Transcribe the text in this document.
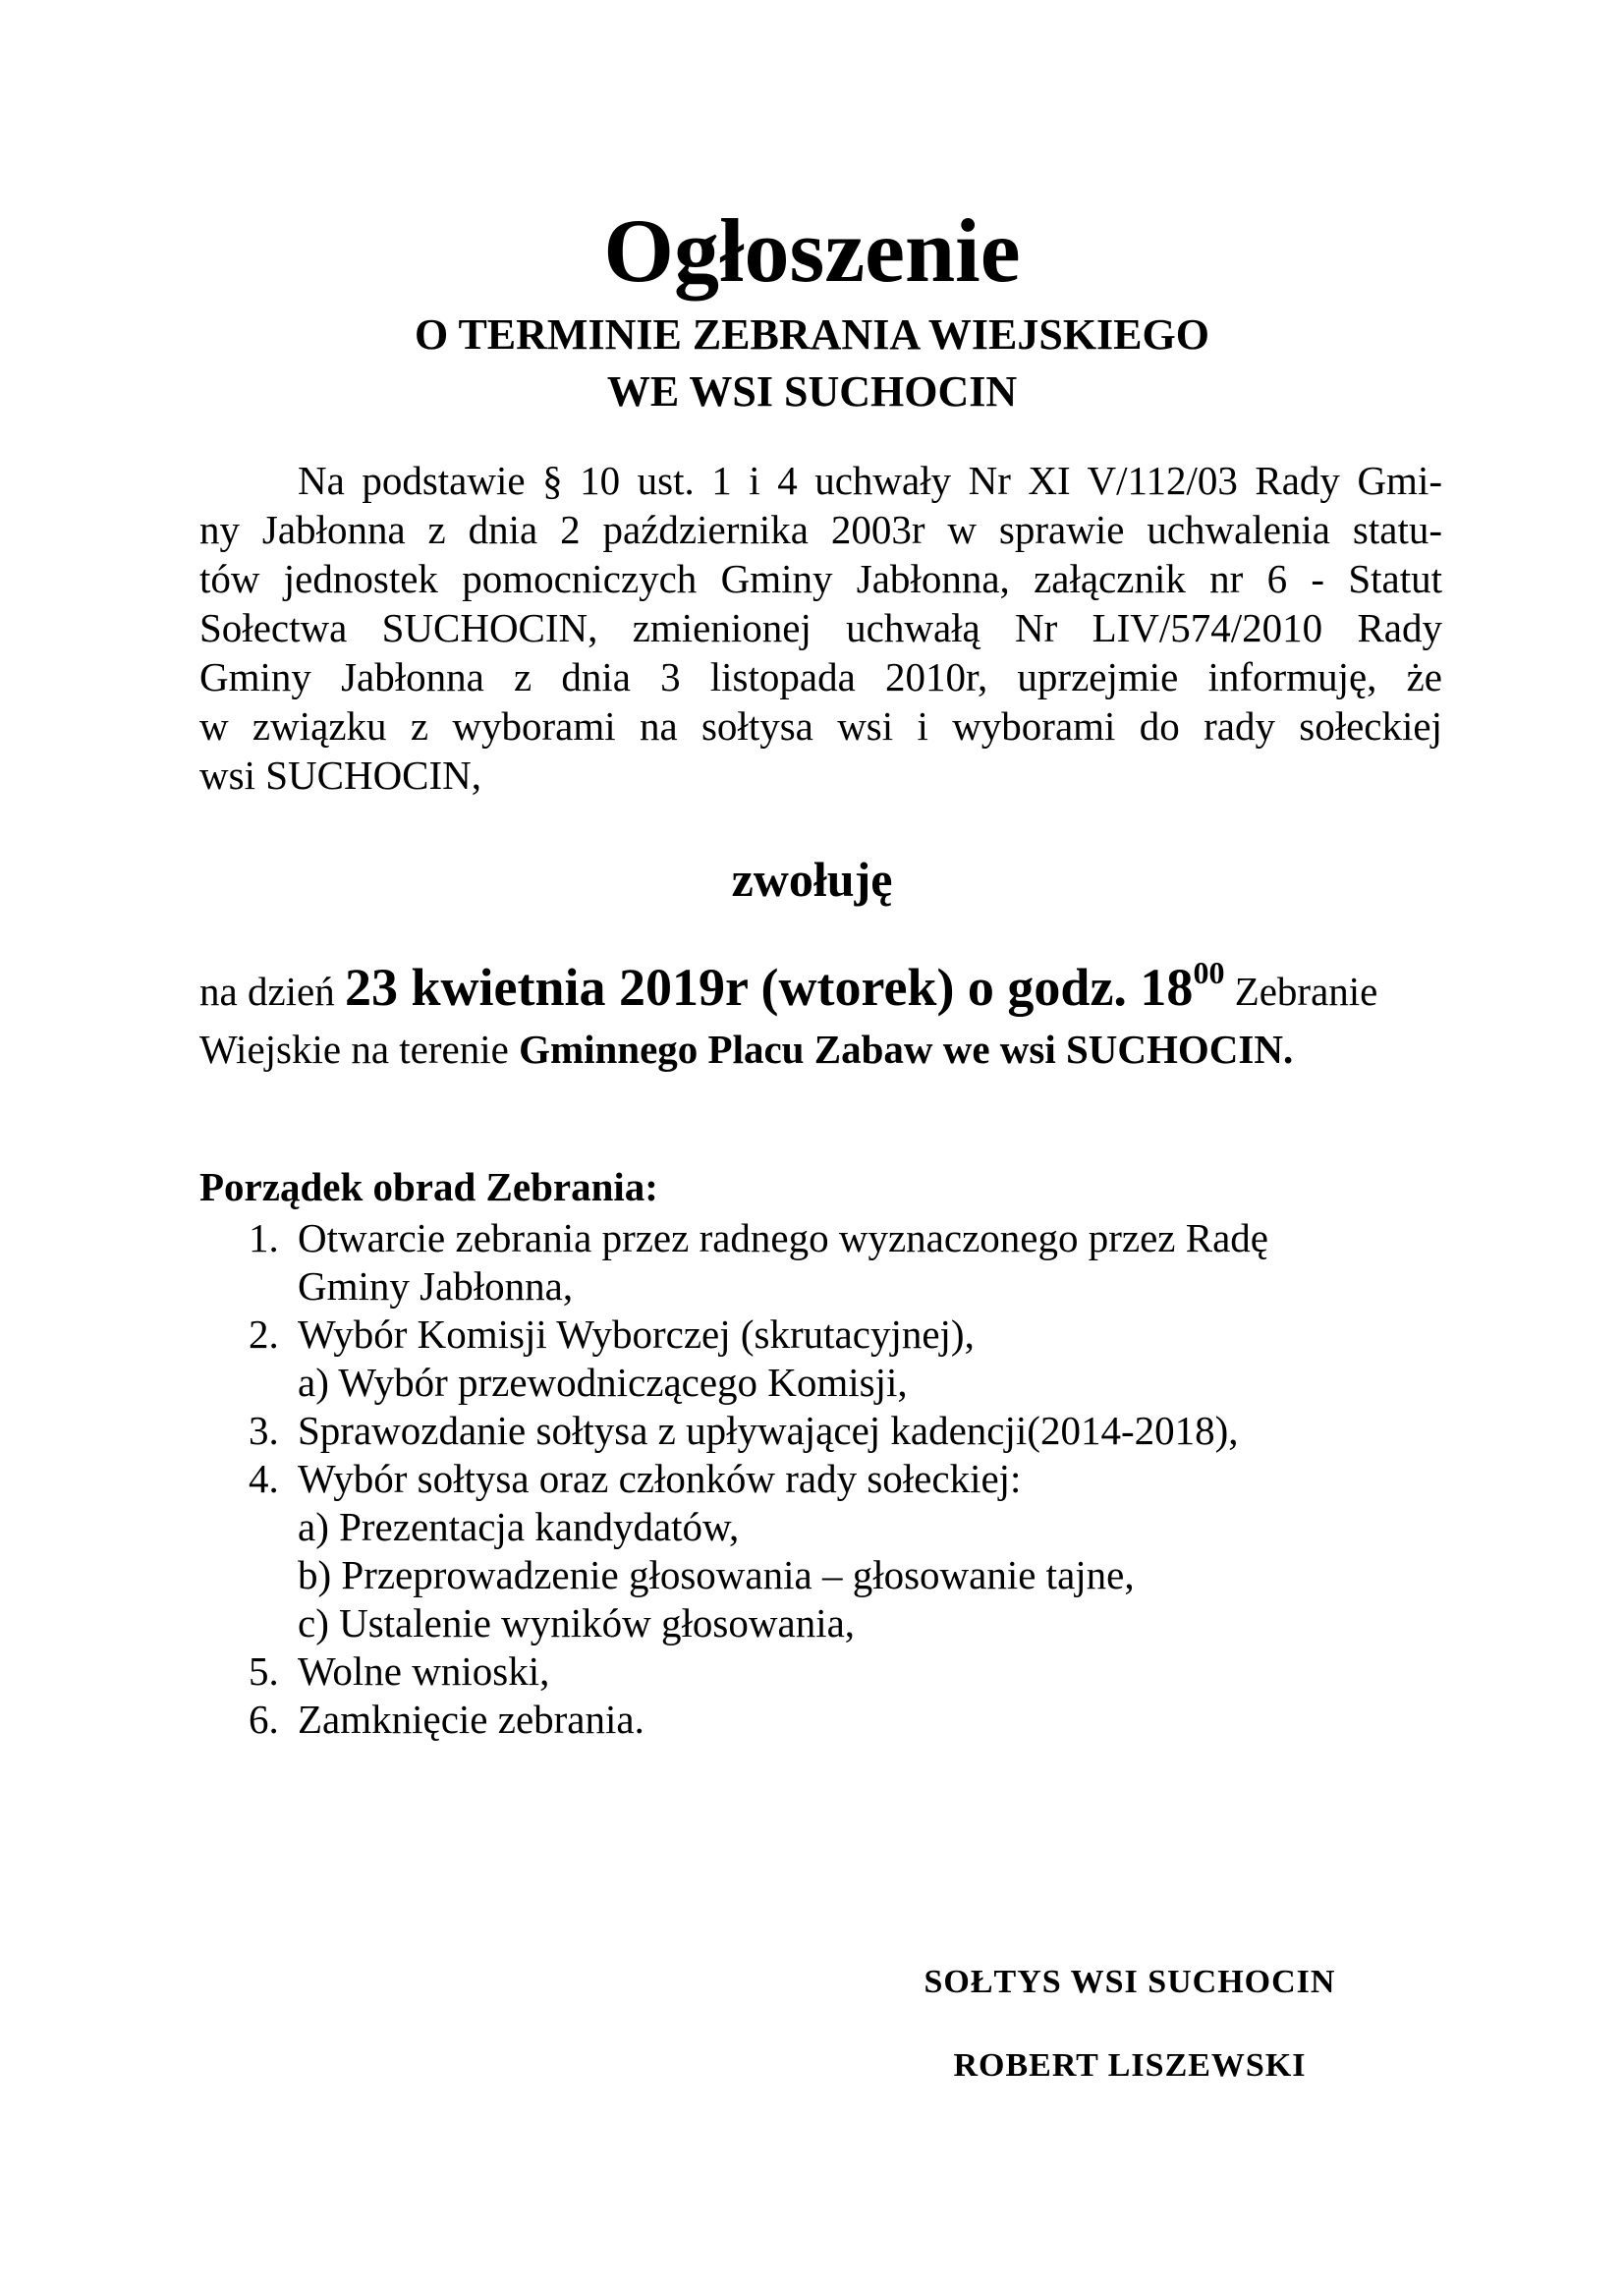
Ogłoszenie
O TERMINIE ZEBRANIA WIEJSKIEGO
WE WSI SUCHOCIN
Na podstawie § 10 ust. 1 i 4 uchwały Nr XI V/112/03 Rady Gmi-
ny Jabłonna z dnia 2 października 2003r w sprawie uchwalenia statu-
tów jednostek pomocniczych Gminy Jabłonna, załącznik nr 6 - Statut
Sołectwa SUCHOCIN, zmienionej uchwałą Nr LIV/574/2010 Rady
Gminy Jabłonna z dnia 3 listopada 2010r, uprzejmie informuję, że
w związku z wyborami na sołtysa wsi i wyborami do rady sołeckiej
wsi SUCHOCIN,
zwołuję
na dzień 23 kwietnia 2019r (wtorek) o godz. $18^{00}$ Zebranie
Wiejskie na terenie Gminnego Placu Zabaw we wsi SUCHOCIN.
Porządek obrad Zebrania:
1. Otwarcie zebrania przez radnego wyznaczonego przez Radę
Gminy Jabłonna,
2. Wybór Komisji Wyborczej (skrutacyjnej),
a) Wybór przewodniczącego Komisji,
3. Sprawozdanie sołtysa z upływającej kadencji(2014-2018),
4. Wybór sołtysa oraz członków rady sołeckiej:
a) Prezentacja kandydatów,
b) Przeprowadzenie głosowania – głosowanie tajne,
c) Ustalenie wyników głosowania,
5. Wolne wnioski,
6. Zamknięcie zebrania.

SOŁTYS WSI SUCHOCIN

ROBERT LISZEWSKI
